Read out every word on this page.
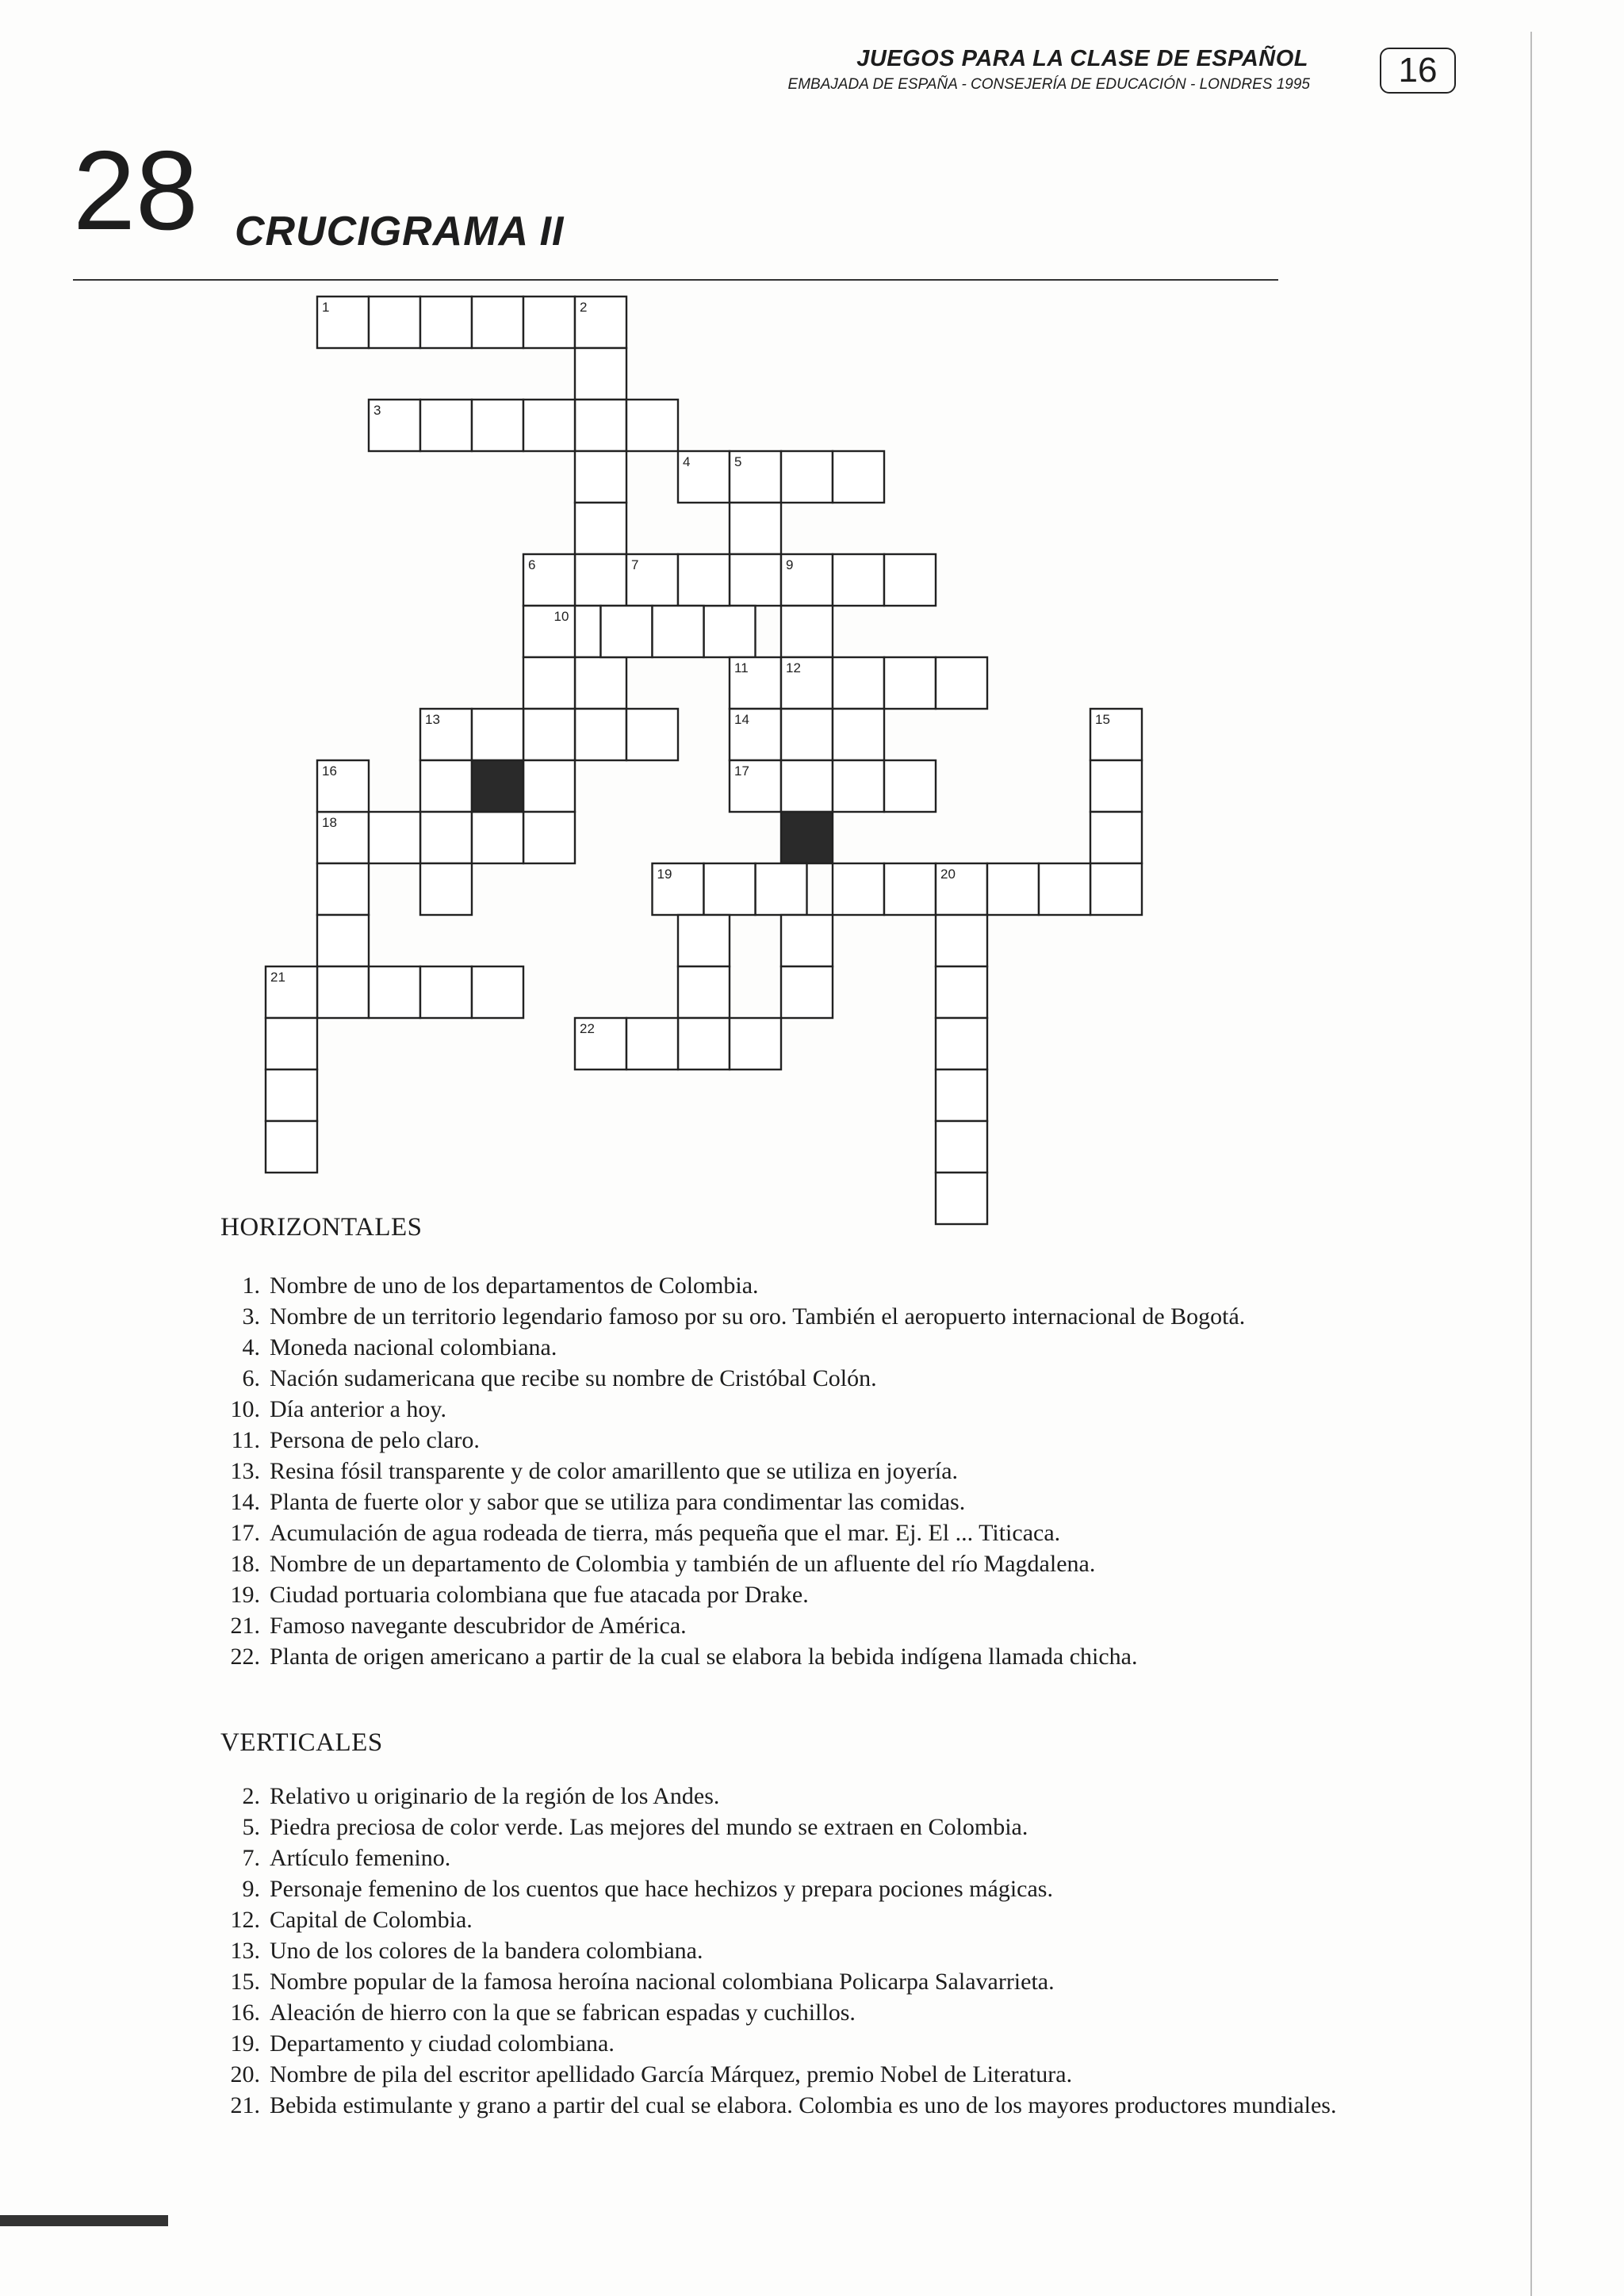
JUEGOS PARA LA CLASE DE ESPAÑOL
EMBAJADA DE ESPAÑA - CONSEJERÍA DE EDUCACIÓN - LONDRES 1995	16
28 CRUCIGRAMA II
1	2
3
4	5
6	7	9
10
11	12
13	14	15
16	17
18
19	20
21
22
HORIZONTALES
1. Nombre de uno de los departamentos de Colombia.
3. Nombre de un territorio legendario famoso por su oro. También el aeropuerto internacional de Bogotá.
4. Moneda nacional colombiana.
6. Nación sudamericana que recibe su nombre de Cristóbal Colón.
10. Día anterior a hoy.
11. Persona de pelo claro.
13. Resina fósil transparente y de color amarillento que se utiliza en joyería.
14. Planta de fuerte olor y sabor que se utiliza para condimentar las comidas.
17. Acumulación de agua rodeada de tierra, más pequeña que el mar. Ej. El ... Titicaca.
18. Nombre de un departamento de Colombia y también de un afluente del río Magdalena.
19. Ciudad portuaria colombiana que fue atacada por Drake.
21. Famoso navegante descubridor de América.
22. Planta de origen americano a partir de la cual se elabora la bebida indígena llamada chicha.
VERTICALES
2. Relativo u originario de la región de los Andes.
5. Piedra preciosa de color verde. Las mejores del mundo se extraen en Colombia.
7. Artículo femenino.
9. Personaje femenino de los cuentos que hace hechizos y prepara pociones mágicas.
12. Capital de Colombia.
13. Uno de los colores de la bandera colombiana.
15. Nombre popular de la famosa heroína nacional colombiana Policarpa Salavarrieta.
16. Aleación de hierro con la que se fabrican espadas y cuchillos.
19. Departamento y ciudad colombiana.
20. Nombre de pila del escritor apellidado García Márquez, premio Nobel de Literatura.
21. Bebida estimulante y grano a partir del cual se elabora. Colombia es uno de los mayores productores mundiales.
